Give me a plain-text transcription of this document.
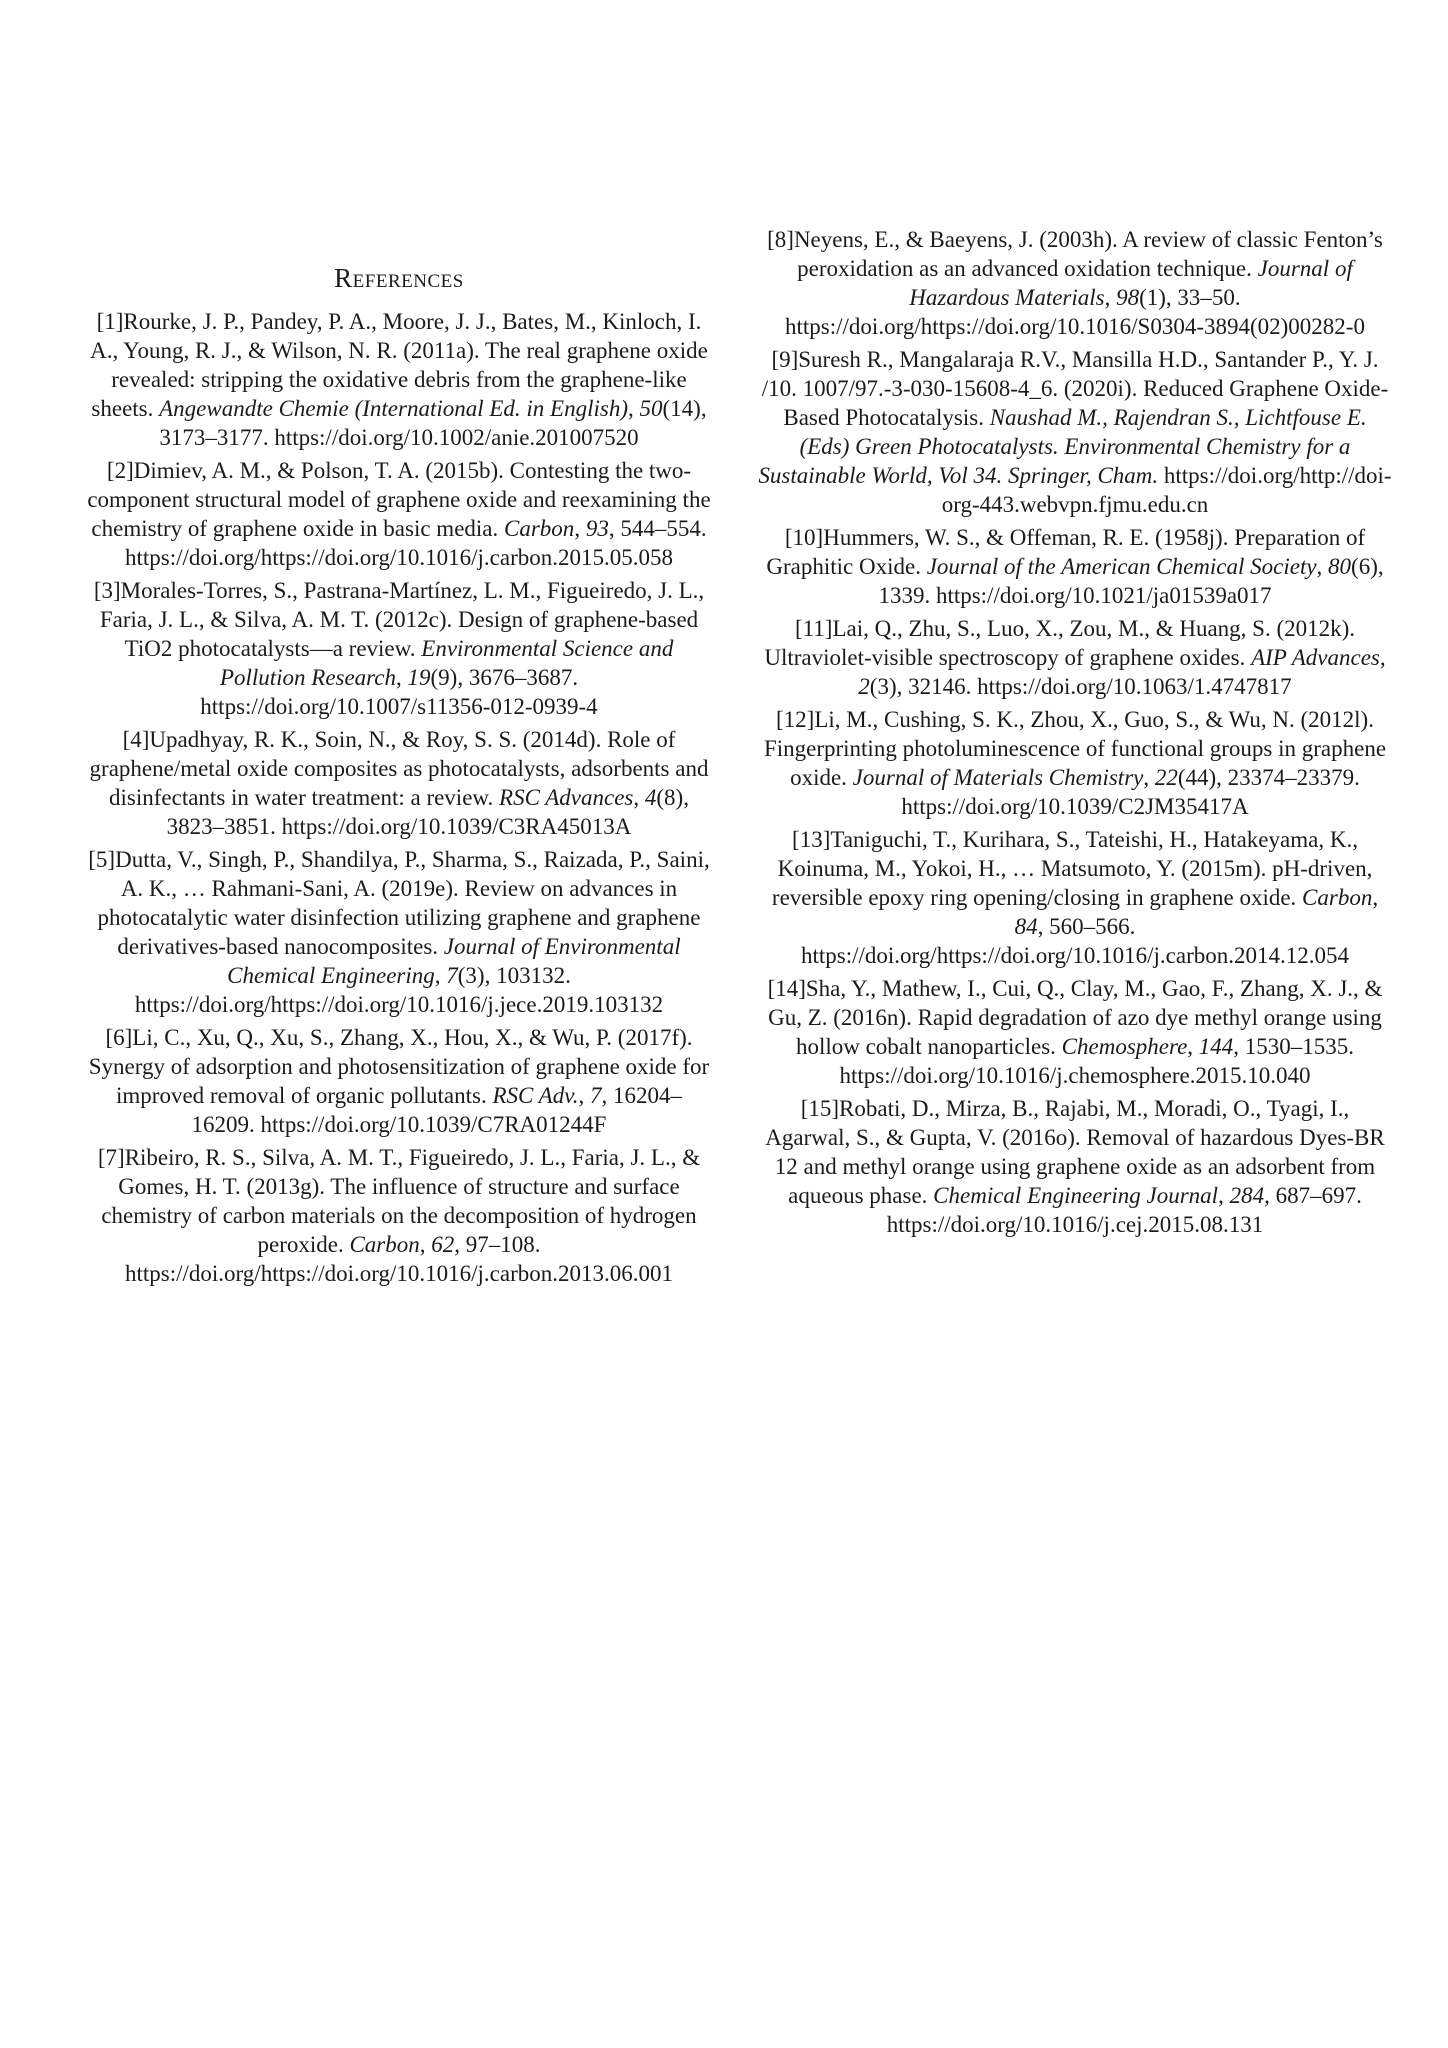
References

[1]Rourke, J. P., Pandey, P. A., Moore, J. J., Bates, M., Kinloch, I. A., Young, R. J., & Wilson, N. R. (2011a). The real graphene oxide revealed: stripping the oxidative debris from the graphene-like sheets. Angewandte Chemie (International Ed. in English), 50(14), 3173–3177. https://doi.org/10.1002/anie.201007520

[2]Dimiev, A. M., & Polson, T. A. (2015b). Contesting the two-component structural model of graphene oxide and reexamining the chemistry of graphene oxide in basic media. Carbon, 93, 544–554. https://doi.org/https://doi.org/10.1016/j.carbon.2015.05.058

[3]Morales-Torres, S., Pastrana-Martínez, L. M., Figueiredo, J. L., Faria, J. L., & Silva, A. M. T. (2012c). Design of graphene-based TiO2 photocatalysts—a review. Environmental Science and Pollution Research, 19(9), 3676–3687. https://doi.org/10.1007/s11356-012-0939-4

[4]Upadhyay, R. K., Soin, N., & Roy, S. S. (2014d). Role of graphene/metal oxide composites as photocatalysts, adsorbents and disinfectants in water treatment: a review. RSC Advances, 4(8), 3823–3851. https://doi.org/10.1039/C3RA45013A

[5]Dutta, V., Singh, P., Shandilya, P., Sharma, S., Raizada, P., Saini, A. K., … Rahmani-Sani, A. (2019e). Review on advances in photocatalytic water disinfection utilizing graphene and graphene derivatives-based nanocomposites. Journal of Environmental Chemical Engineering, 7(3), 103132. https://doi.org/https://doi.org/10.1016/j.jece.2019.103132

[6]Li, C., Xu, Q., Xu, S., Zhang, X., Hou, X., & Wu, P. (2017f). Synergy of adsorption and photosensitization of graphene oxide for improved removal of organic pollutants. RSC Adv., 7, 16204–16209. https://doi.org/10.1039/C7RA01244F

[7]Ribeiro, R. S., Silva, A. M. T., Figueiredo, J. L., Faria, J. L., & Gomes, H. T. (2013g). The influence of structure and surface chemistry of carbon materials on the decomposition of hydrogen peroxide. Carbon, 62, 97–108. https://doi.org/https://doi.org/10.1016/j.carbon.2013.06.001

[8]Neyens, E., & Baeyens, J. (2003h). A review of classic Fenton’s peroxidation as an advanced oxidation technique. Journal of Hazardous Materials, 98(1), 33–50. https://doi.org/https://doi.org/10.1016/S0304-3894(02)00282-0

[9]Suresh R., Mangalaraja R.V., Mansilla H.D., Santander P., Y. J. /10. 1007/97.-3-030-15608-4_6. (2020i). Reduced Graphene Oxide-Based Photocatalysis. Naushad M., Rajendran S., Lichtfouse E. (Eds) Green Photocatalysts. Environmental Chemistry for a Sustainable World, Vol 34. Springer, Cham. https://doi.org/http://doi-org-443.webvpn.fjmu.edu.cn

[10]Hummers, W. S., & Offeman, R. E. (1958j). Preparation of Graphitic Oxide. Journal of the American Chemical Society, 80(6), 1339. https://doi.org/10.1021/ja01539a017

[11]Lai, Q., Zhu, S., Luo, X., Zou, M., & Huang, S. (2012k). Ultraviolet-visible spectroscopy of graphene oxides. AIP Advances, 2(3), 32146. https://doi.org/10.1063/1.4747817

[12]Li, M., Cushing, S. K., Zhou, X., Guo, S., & Wu, N. (2012l). Fingerprinting photoluminescence of functional groups in graphene oxide. Journal of Materials Chemistry, 22(44), 23374–23379. https://doi.org/10.1039/C2JM35417A

[13]Taniguchi, T., Kurihara, S., Tateishi, H., Hatakeyama, K., Koinuma, M., Yokoi, H., … Matsumoto, Y. (2015m). pH-driven, reversible epoxy ring opening/closing in graphene oxide. Carbon, 84, 560–566. https://doi.org/https://doi.org/10.1016/j.carbon.2014.12.054

[14]Sha, Y., Mathew, I., Cui, Q., Clay, M., Gao, F., Zhang, X. J., & Gu, Z. (2016n). Rapid degradation of azo dye methyl orange using hollow cobalt nanoparticles. Chemosphere, 144, 1530–1535. https://doi.org/10.1016/j.chemosphere.2015.10.040

[15]Robati, D., Mirza, B., Rajabi, M., Moradi, O., Tyagi, I., Agarwal, S., & Gupta, V. (2016o). Removal of hazardous Dyes-BR 12 and methyl orange using graphene oxide as an adsorbent from aqueous phase. Chemical Engineering Journal, 284, 687–697. https://doi.org/10.1016/j.cej.2015.08.131
